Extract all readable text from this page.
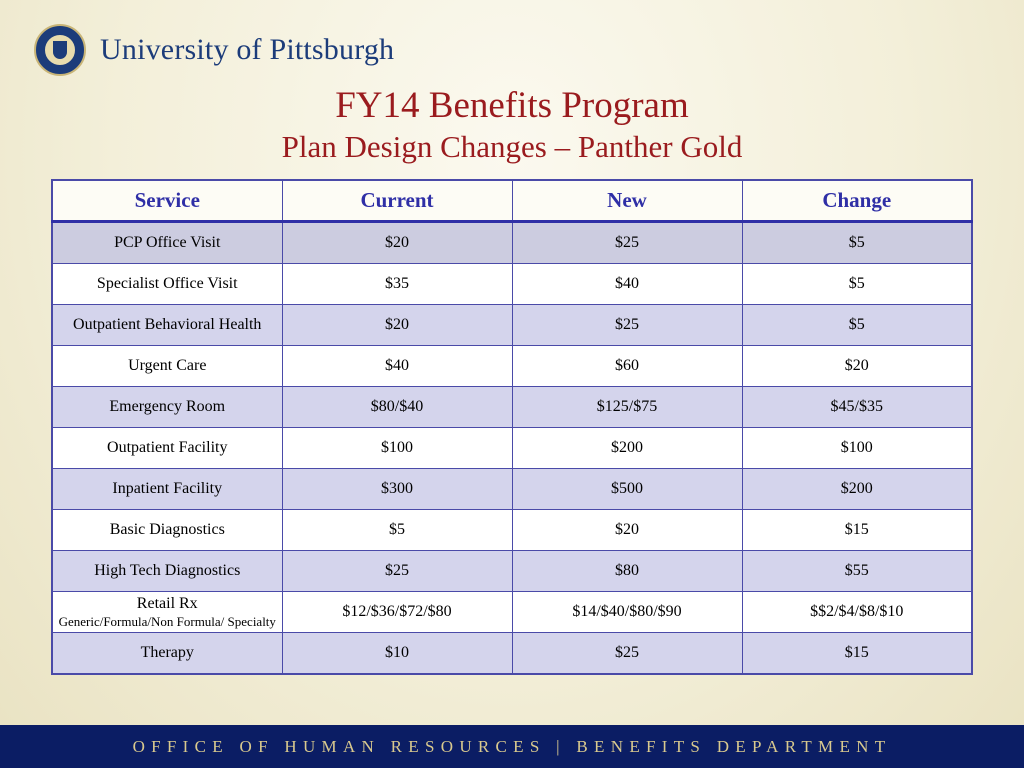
University of Pittsburgh
FY14 Benefits Program
Plan Design Changes – Panther Gold
Service	Current	New	Change
PCP Office Visit	$20	$25	$5
Specialist Office Visit	$35	$40	$5
Outpatient Behavioral Health	$20	$25	$5
Urgent Care	$40	$60	$20
Emergency Room	$80/$40	$125/$75	$45/$35
Outpatient Facility	$100	$200	$100
Inpatient Facility	$300	$500	$200
Basic Diagnostics	$5	$20	$15
High Tech Diagnostics	$25	$80	$55

Retail Rx
Generic/Formula/Non Formula/ Specialty	$12/$36/$72/$80	$14/$40/$80/$90	$$2/$4/$8/$10
Therapy	$10	$25	$15
OFFICE OF HUMAN RESOURCES | BENEFITS DEPARTMENT
